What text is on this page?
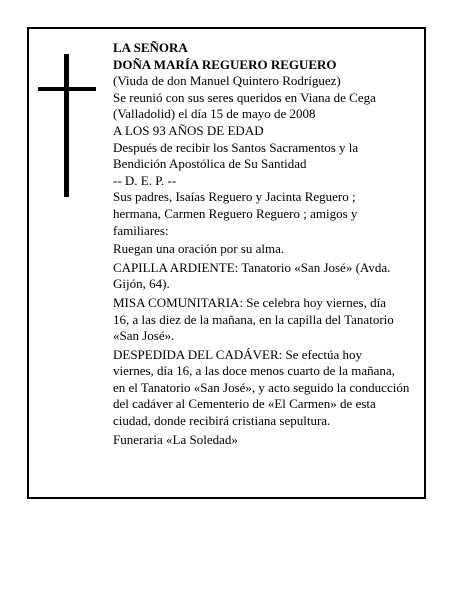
LA SEÑORA
DOÑA MARÍA REGUERO REGUERO
(Viuda de don Manuel Quintero Rodríguez)
Se reunió con sus seres queridos en Viana de Cega
(Valladolid) el día 15 de mayo de 2008
A LOS 93 AÑOS DE EDAD
Después de recibir los Santos Sacramentos y la
Bendición Apostólica de Su Santidad
-- D. E. P. --
Sus padres, Isaías Reguero y Jacinta Reguero ;
hermana, Carmen Reguero Reguero ; amigos y
familiares:
Ruegan una oración por su alma.
CAPILLA ARDIENTE: Tanatorio «San José» (Avda.
Gijón, 64).
MISA COMUNITARIA: Se celebra hoy viernes, día
16, a las diez de la mañana, en la capilla del Tanatorio
«San José».
DESPEDIDA DEL CADÁVER: Se efectúa hoy
viernes, día 16, a las doce menos cuarto de la mañana,
en el Tanatorio «San José», y acto seguido la conducción
del cadáver al Cementerio de «El Carmen» de esta
ciudad, donde recibirá cristiana sepultura.
Funeraria «La Soledad»
